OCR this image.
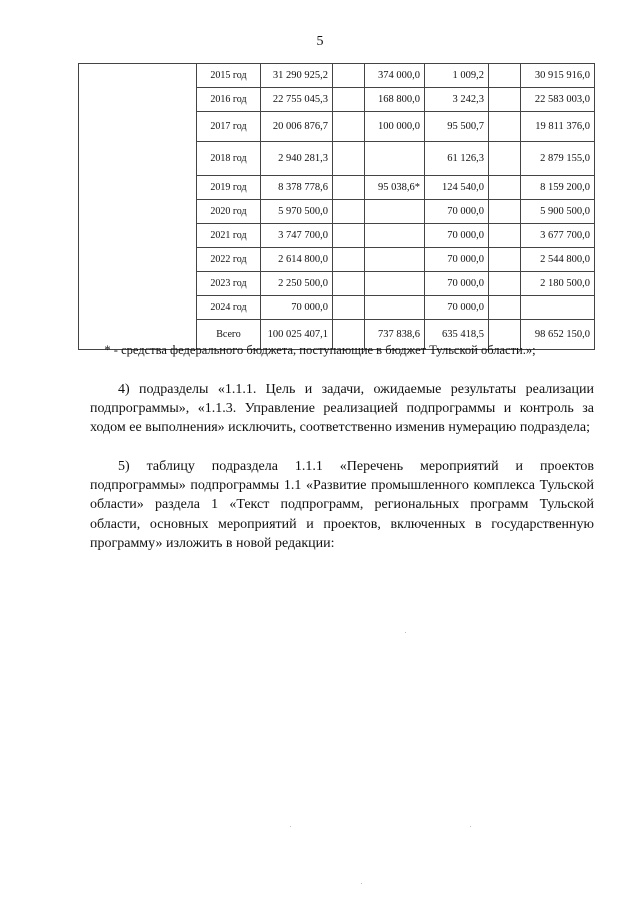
5
	2015 год	31 290 925,2		374 000,0	1 009,2		30 915 916,0
	2016 год	22 755 045,3		168 800,0	3 242,3		22 583 003,0
	2017 год	20 006 876,7		100 000,0	95 500,7		19 811 376,0
	2018 год	2 940 281,3			61 126,3		2 879 155,0
	2019 год	8 378 778,6		95 038,6*	124 540,0		8 159 200,0
	2020 год	5 970 500,0			70 000,0		5 900 500,0
	2021 год	3 747 700,0			70 000,0		3 677 700,0
	2022 год	2 614 800,0			70 000,0		2 544 800,0
	2023 год	2 250 500,0			70 000,0		2 180 500,0
	2024 год	70 000,0			70 000,0		
	Всего	100 025 407,1		737 838,6	635 418,5		98 652 150,0
* - средства федерального бюджета, поступающие в бюджет Тульской области.»;

4) подразделы «1.1.1. Цель и задачи, ожидаемые результаты реализации подпрограммы», «1.1.3. Управление реализацией подпрограммы и контроль за ходом ее выполнения» исключить, соответственно изменив нумерацию подраздела;

5) таблицу подраздела 1.1.1 «Перечень мероприятий и проектов подпрограммы» подпрограммы 1.1 «Развитие промышленного комплекса Тульской области» раздела 1 «Текст подпрограмм, региональных программ Тульской области, основных мероприятий и проектов, включенных в государственную программу» изложить в новой редакции:
